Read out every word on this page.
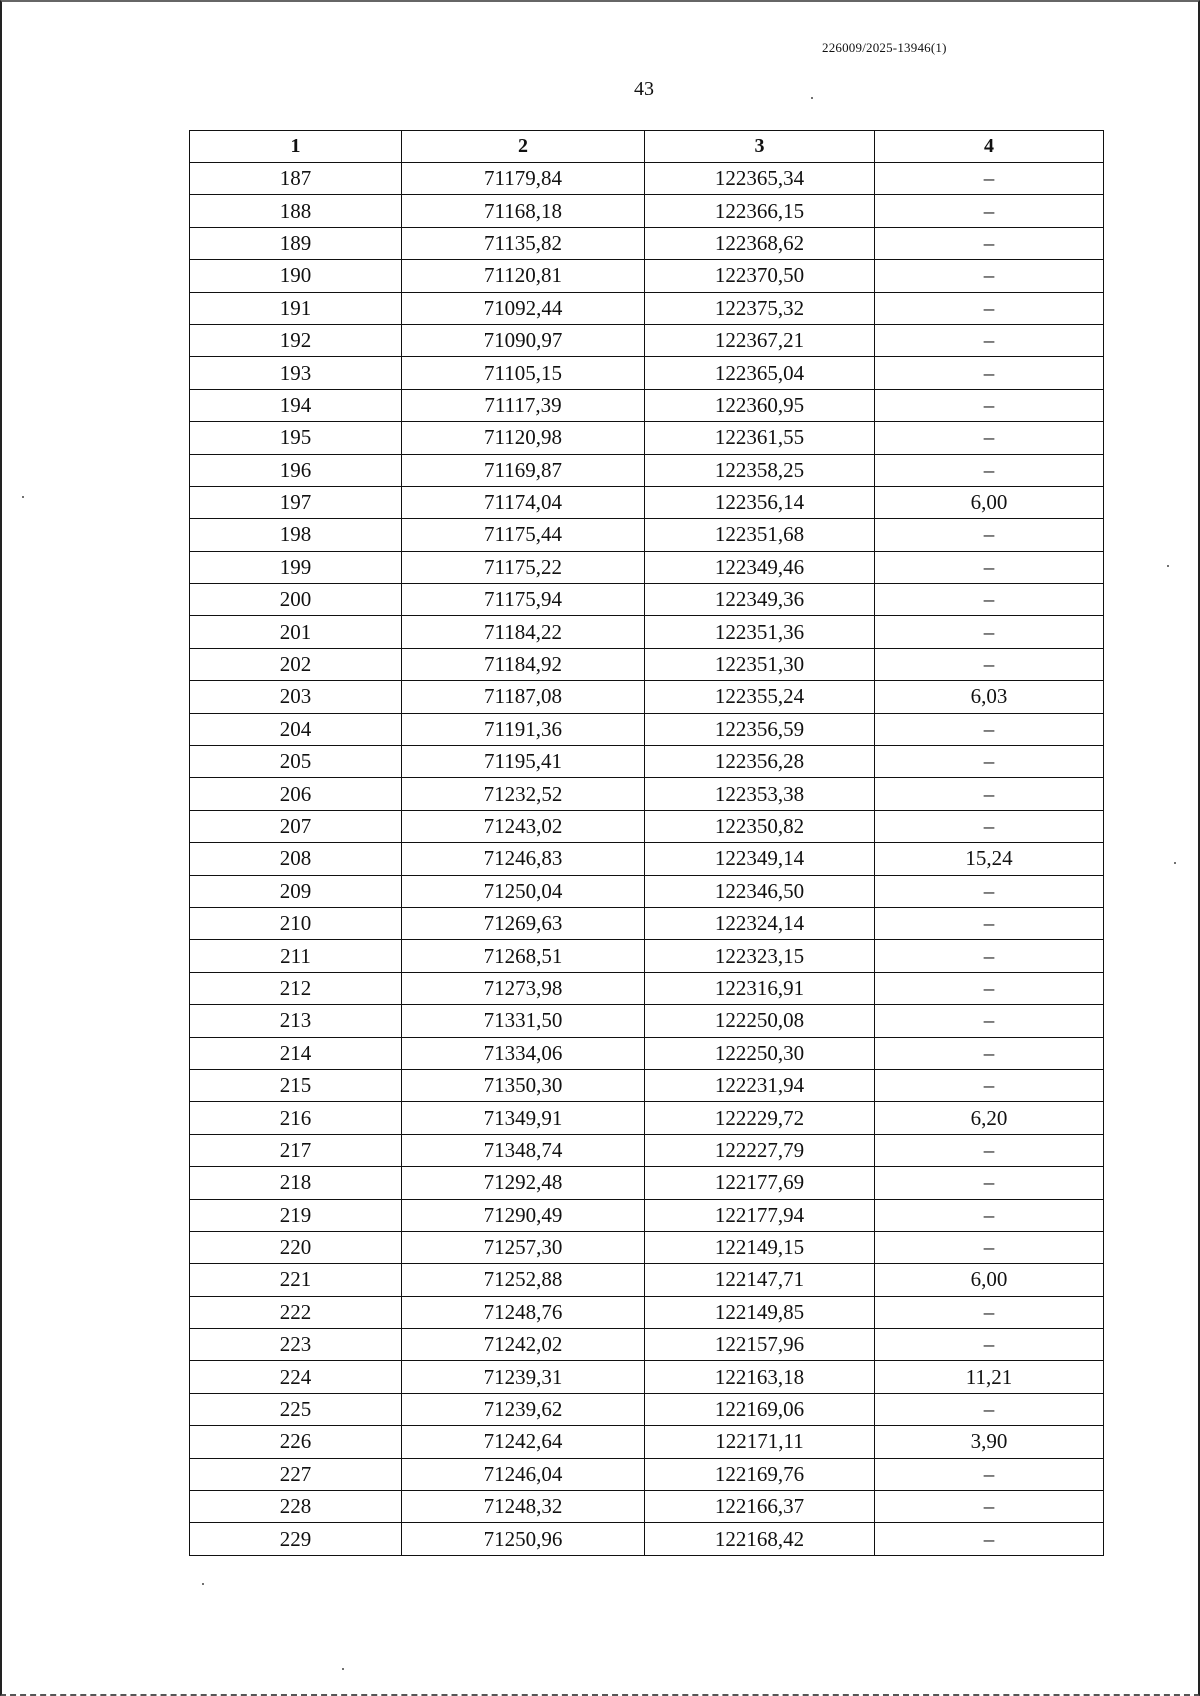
226009/2025-13946(1)
43
1	2	3	4
187	71179,84	122365,34	–
188	71168,18	122366,15	–
189	71135,82	122368,62	–
190	71120,81	122370,50	–
191	71092,44	122375,32	–
192	71090,97	122367,21	–
193	71105,15	122365,04	–
194	71117,39	122360,95	–
195	71120,98	122361,55	–
196	71169,87	122358,25	–
197	71174,04	122356,14	6,00
198	71175,44	122351,68	–
199	71175,22	122349,46	–
200	71175,94	122349,36	–
201	71184,22	122351,36	–
202	71184,92	122351,30	–
203	71187,08	122355,24	6,03
204	71191,36	122356,59	–
205	71195,41	122356,28	–
206	71232,52	122353,38	–
207	71243,02	122350,82	–
208	71246,83	122349,14	15,24
209	71250,04	122346,50	–
210	71269,63	122324,14	–
211	71268,51	122323,15	–
212	71273,98	122316,91	–
213	71331,50	122250,08	–
214	71334,06	122250,30	–
215	71350,30	122231,94	–
216	71349,91	122229,72	6,20
217	71348,74	122227,79	–
218	71292,48	122177,69	–
219	71290,49	122177,94	–
220	71257,30	122149,15	–
221	71252,88	122147,71	6,00
222	71248,76	122149,85	–
223	71242,02	122157,96	–
224	71239,31	122163,18	11,21
225	71239,62	122169,06	–
226	71242,64	122171,11	3,90
227	71246,04	122169,76	–
228	71248,32	122166,37	–
229	71250,96	122168,42	–
